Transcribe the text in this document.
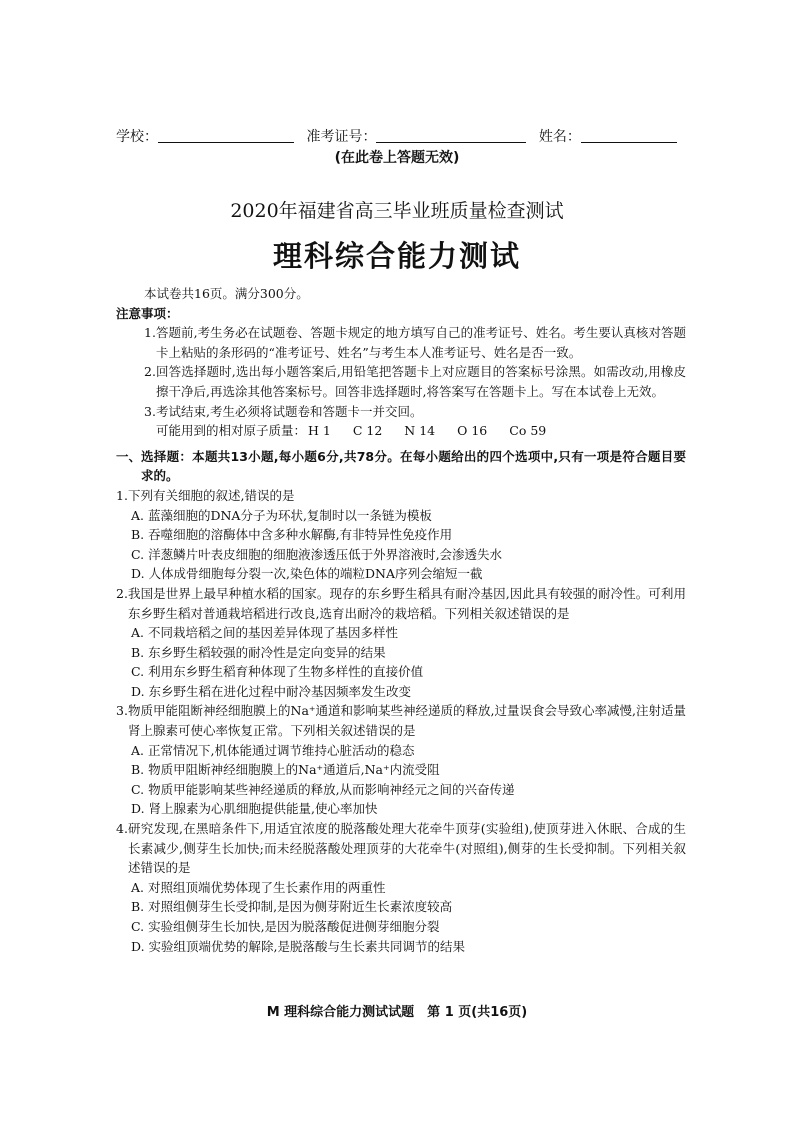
学校：	准考证号：	姓名：
(在此卷上答题无效)
2020年福建省高三毕业班质量检查测试
理科综合能力测试
本试卷共16页。满分300分。
注意事项：
1. 答题前,考生务必在试题卷、答题卡规定的地方填写自己的准考证号、姓名。考生要认真核对答题卡上粘贴的条形码的“准考证号、姓名”与考生本人准考证号、姓名是否一致。
2. 回答选择题时,选出每小题答案后,用铅笔把答题卡上对应题目的答案标号涂黑。如需改动,用橡皮擦干净后,再选涂其他答案标号。回答非选择题时,将答案写在答题卡上。写在本试卷上无效。
3. 考试结束,考生必须将试题卷和答题卡一并交回。
可能用到的相对原子质量： H 1 C 12 N 14 O 16 Co 59
一、 选择题：本题共13小题,每小题6分,共78分。在每小题给出的四个选项中,只有一项是符合题目要求的。
1. 下列有关细胞的叙述,错误的是
A. 蓝藻细胞的DNA分子为环状,复制时以一条链为模板
B. 吞噬细胞的溶酶体中含多种水解酶,有非特异性免疫作用
C. 洋葱鳞片叶表皮细胞的细胞液渗透压低于外界溶液时,会渗透失水
D. 人体成骨细胞每分裂一次,染色体的端粒DNA序列会缩短一截
2. 我国是世界上最早种植水稻的国家。现存的东乡野生稻具有耐冷基因,因此具有较强的耐冷性。可利用东乡野生稻对普通栽培稻进行改良,选育出耐冷的栽培稻。下列相关叙述错误的是
A. 不同栽培稻之间的基因差异体现了基因多样性
B. 东乡野生稻较强的耐冷性是定向变异的结果
C. 利用东乡野生稻育种体现了生物多样性的直接价值
D. 东乡野生稻在进化过程中耐冷基因频率发生改变
3. 物质甲能阻断神经细胞膜上的Na⁺通道和影响某些神经递质的释放,过量误食会导致心率减慢,注射适量肾上腺素可使心率恢复正常。下列相关叙述错误的是
A. 正常情况下,机体能通过调节维持心脏活动的稳态
B. 物质甲阻断神经细胞膜上的Na⁺通道后,Na⁺内流受阻
C. 物质甲能影响某些神经递质的释放,从而影响神经元之间的兴奋传递
D. 肾上腺素为心肌细胞提供能量,使心率加快
4. 研究发现,在黑暗条件下,用适宜浓度的脱落酸处理大花牵牛顶芽(实验组),使顶芽进入休眠、合成的生长素减少,侧芽生长加快;而未经脱落酸处理顶芽的大花牵牛(对照组),侧芽的生长受抑制。下列相关叙述错误的是
A. 对照组顶端优势体现了生长素作用的两重性
B. 对照组侧芽生长受抑制,是因为侧芽附近生长素浓度较高
C. 实验组侧芽生长加快,是因为脱落酸促进侧芽细胞分裂
D. 实验组顶端优势的解除,是脱落酸与生长素共同调节的结果
M 理科综合能力测试试题　第 1 页(共16页)
